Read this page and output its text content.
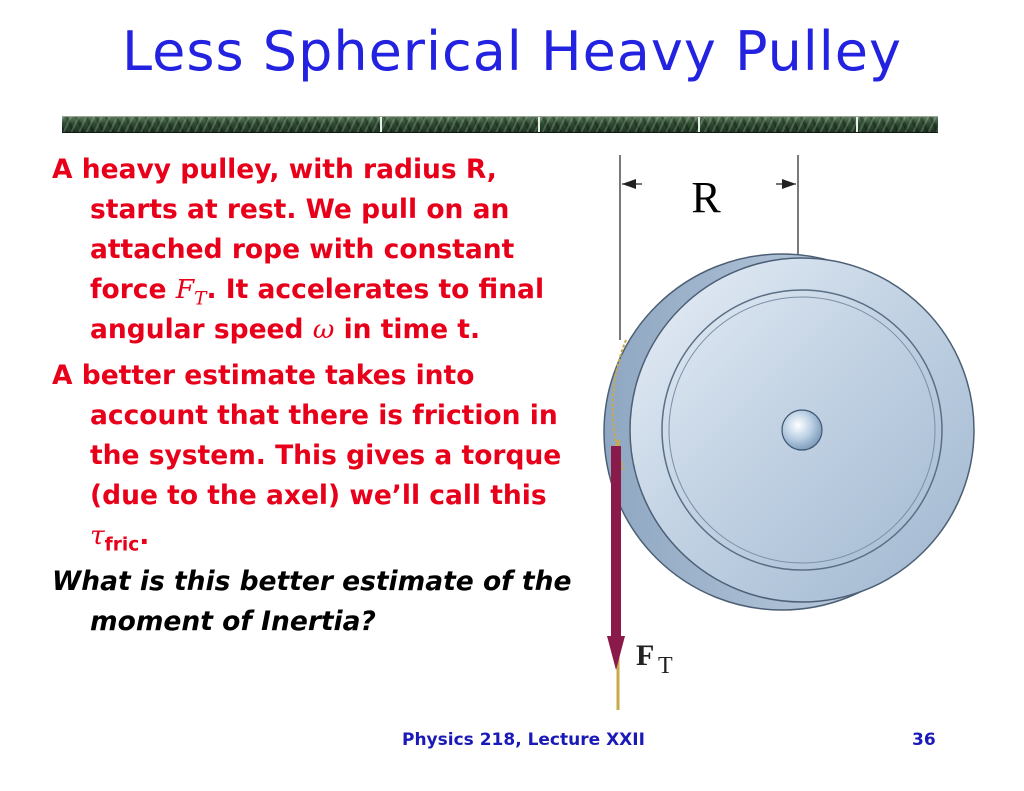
Less Spherical Heavy Pulley

A heavy pulley, with radius R, starts at rest. We pull on an attached rope with constant force $F_T$. It accelerates to final angular speed ω in time t.

A better estimate takes into account that there is friction in the system. This gives a torque (due to the axel) we’ll call this $\tau_{fric}$.

What is this better estimate of the moment of Inertia?

R
F T
Physics 218, Lecture XXII	36
